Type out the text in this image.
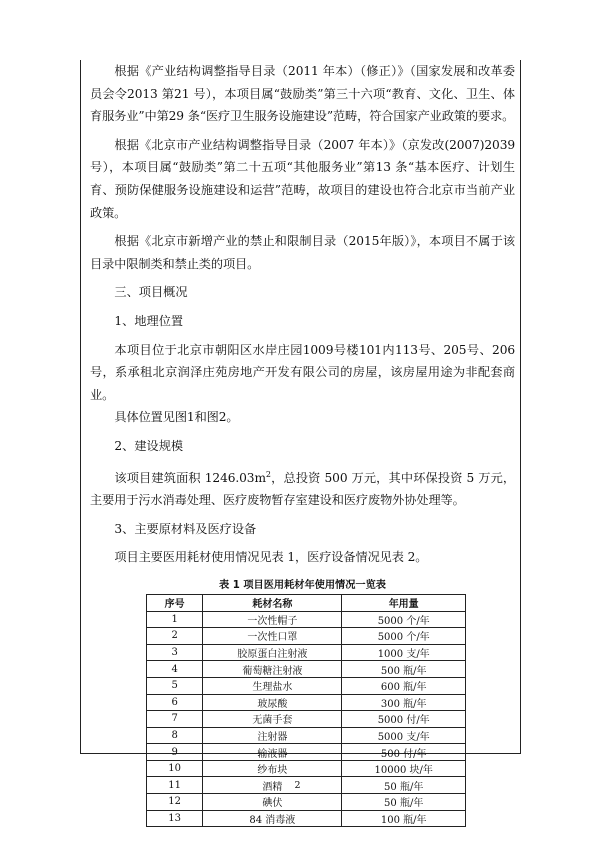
根据《产业结构调整指导目录（2011 年本）（修正）》（国家发展和改革委员会令2013 第21 号），本项目属“鼓励类”第三十六项“教育、文化、卫生、体育服务业”中第29 条“医疗卫生服务设施建设”范畴，符合国家产业政策的要求。

根据《北京市产业结构调整指导目录（2007 年本）》（京发改(2007)2039 号），本项目属“鼓励类”第二十五项“其他服务业”第13 条“基本医疗、计划生育、预防保健服务设施建设和运营”范畴，故项目的建设也符合北京市当前产业政策。

根据《北京市新增产业的禁止和限制目录（2015年版）》，本项目不属于该目录中限制类和禁止类的项目。

三、项目概况

1、地理位置

本项目位于北京市朝阳区水岸庄园1009号楼101内113号、205号、206号，系承租北京润泽庄苑房地产开发有限公司的房屋，该房屋用途为非配套商业。

具体位置见图1和图2。

2、建设规模

该项目建筑面积 $1246.03m^2$，总投资 500 万元，其中环保投资 5 万元，主要用于污水消毒处理、医疗废物暂存室建设和医疗废物外协处理等。

3、主要原材料及医疗设备

项目主要医用耗材使用情况见表 1，医疗设备情况见表 2。

表 1 项目医用耗材年使用情况一览表
序号	耗材名称	年用量
1	一次性帽子	5000 个/年
2	一次性口罩	5000 个/年
3	胶原蛋白注射液	1000 支/年
4	葡萄糖注射液	500 瓶/年
5	生理盐水	600 瓶/年
6	玻尿酸	300 瓶/年
7	无菌手套	5000 付/年
8	注射器	5000 支/年
9	输液器	500 付/年
10	纱布块	10000 块/年
11	酒精	50 瓶/年
12	碘伏	50 瓶/年
13	84 消毒液	100 瓶/年
2
